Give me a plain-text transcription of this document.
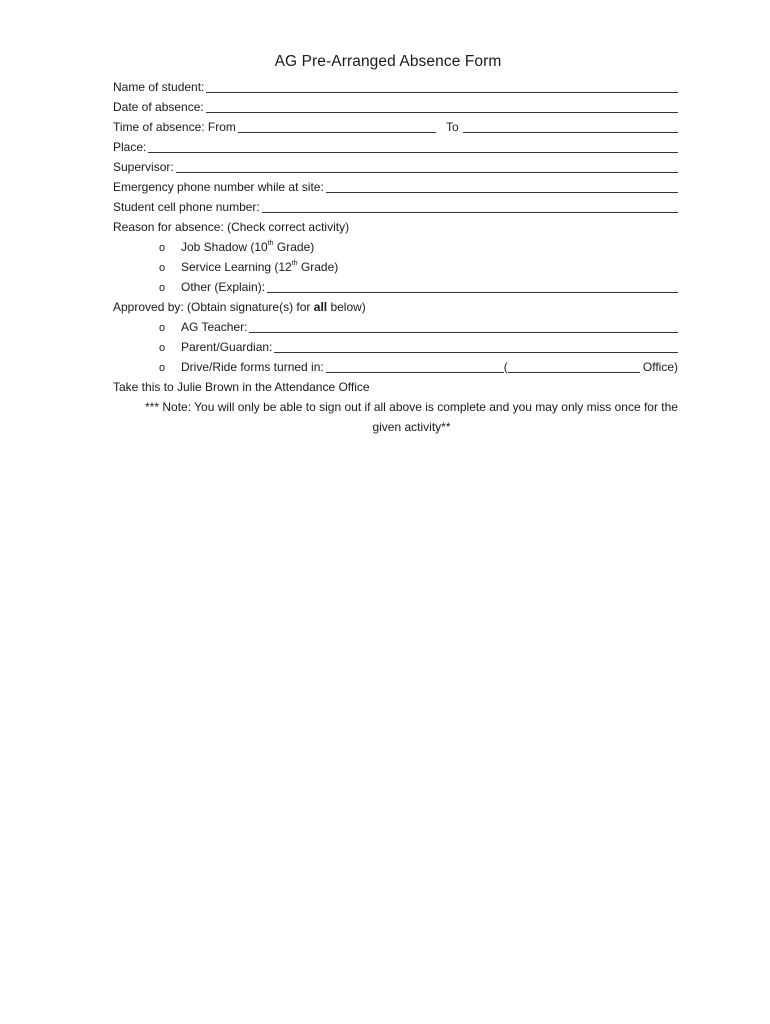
AG Pre-Arranged Absence Form
Name of student:
Date of absence:
Time of absence: From	To
Place:
Supervisor:
Emergency phone number while at site:
Student cell phone number:
Reason for absence: (Check correct activity)
o	Job Shadow (10th Grade)
o	Service Learning (12th Grade)
o	Other (Explain):
Approved by: (Obtain signature(s) for all below)
o	AG Teacher:
o	Parent/Guardian:
o	Drive/Ride forms turned in:	(	Office)
Take this to Julie Brown in the Attendance Office
*** Note: You will only be able to sign out if all above is complete and you may only miss once for the given activity**
